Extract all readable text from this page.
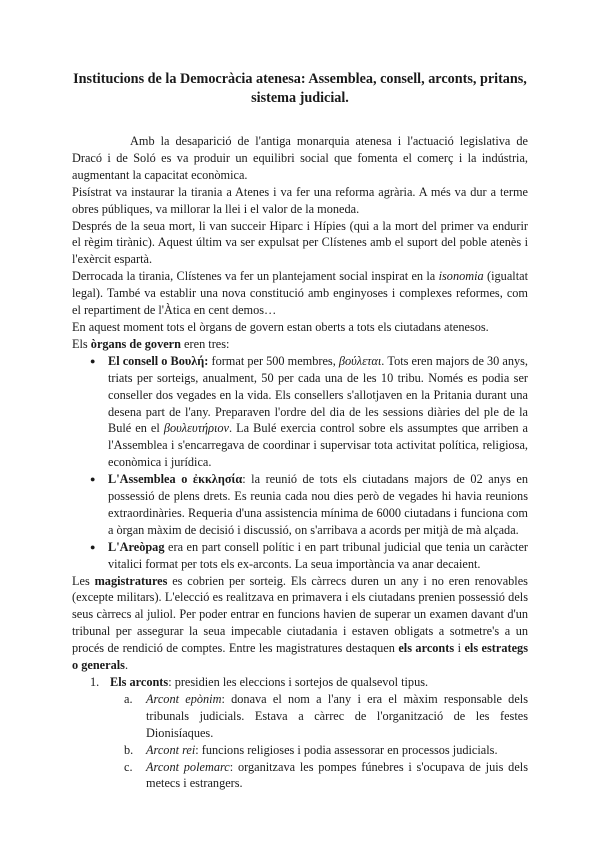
Institucions de la Democràcia atenesa: Assemblea, consell, arconts, pritans, sistema judicial.

Amb la desaparició de l'antiga monarquia atenesa i l'actuació legislativa de Dracó i de Soló es va produir un equilibri social que fomenta el comerç i la indústria, augmentant la capacitat econòmica.

Pisístrat va instaurar la tirania a Atenes i va fer una reforma agrària. A més va dur a terme obres públiques, va millorar la llei i el valor de la moneda.

Després de la seua mort, li van succeir Hiparc i Hípies (qui a la mort del primer va endurir el règim tirànic). Aquest últim va ser expulsat per Clístenes amb el suport del poble atenès i l'exèrcit espartà.

Derrocada la tirania, Clístenes va fer un plantejament social inspirat en la isonomia (igualtat legal). També va establir una nova constitució amb enginyoses i complexes reformes, com el repartiment de l'Àtica en cent demos…

En aquest moment tots el òrgans de govern estan oberts a tots els ciutadans atenesos.

Els òrgans de govern eren tres:

● El consell o Βουλή: format per 500 membres, βούλεται. Tots eren majors de 30 anys, triats per sorteigs, anualment, 50 per cada una de les 10 tribu. Només es podia ser conseller dos vegades en la vida. Els consellers s'allotjaven en la Pritania durant una desena part de l'any. Preparaven l'ordre del dia de les sessions diàries del ple de la Bulé en el βουλευτήριον. La Bulé exercia control sobre els assumptes que arriben a l'Assemblea i s'encarregava de coordinar i supervisar tota activitat política, religiosa, econòmica i jurídica.
● L'Assemblea o ἐκκλησία: la reunió de tots els ciutadans majors de 02 anys en possessió de plens drets. Es reunia cada nou dies però de vegades hi havia reunions extraordinàries. Requeria d'una assistencia mínima de 6000 ciutadans i funciona com a òrgan màxim de decisió i discussió, on s'arribava a acords per mitjà de mà alçada.
● L'Areòpag era en part consell polític i en part tribunal judicial que tenia un caràcter vitalici format per tots els ex-arconts. La seua importància va anar decaient.

Les magistratures es cobrien per sorteig. Els càrrecs duren un any i no eren renovables (excepte militars). L'elecció es realitzava en primavera i els ciutadans prenien possessió dels seus càrrecs al juliol. Per poder entrar en funcions havien de superar un examen davant d'un tribunal per assegurar la seua impecable ciutadania i estaven obligats a sotmetre's a un procés de rendició de comptes. Entre les magistratures destaquen els arconts i els estrategs o generals.

1. Els arconts: presidien les eleccions i sortejos de qualsevol tipus.
a. Arcont epònim: donava el nom a l'any i era el màxim responsable dels tribunals judicials. Estava a càrrec de l'organització de les festes Dionisíaques.
b. Arcont rei: funcions religioses i podia assessorar en processos judicials.
c. Arcont polemarc: organitzava les pompes fúnebres i s'ocupava de juis dels metecs i estrangers.
